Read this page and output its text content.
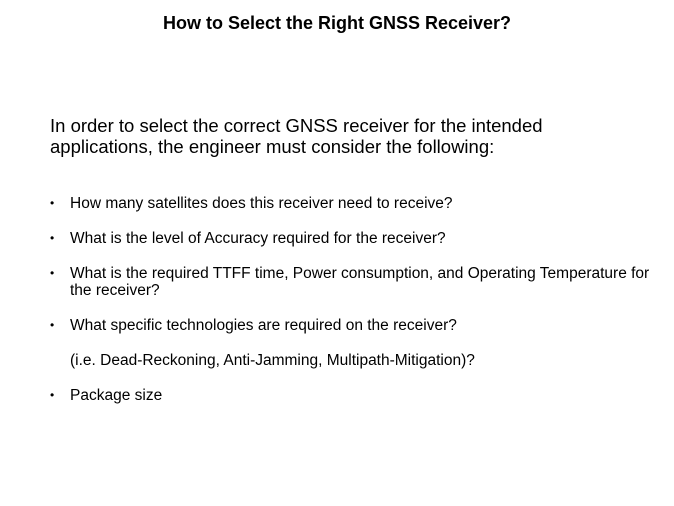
How to Select the Right GNSS Receiver?
In order to select the correct GNSS receiver for the intended applications, the engineer must consider the following:
• How many satellites does this receiver need to receive?
• What is the level of Accuracy required for the receiver?
• What is the required TTFF time, Power consumption, and Operating Temperature for the receiver?
• What specific technologies are required on the receiver?
(i.e. Dead-Reckoning, Anti-Jamming, Multipath-Mitigation)?
• Package size
